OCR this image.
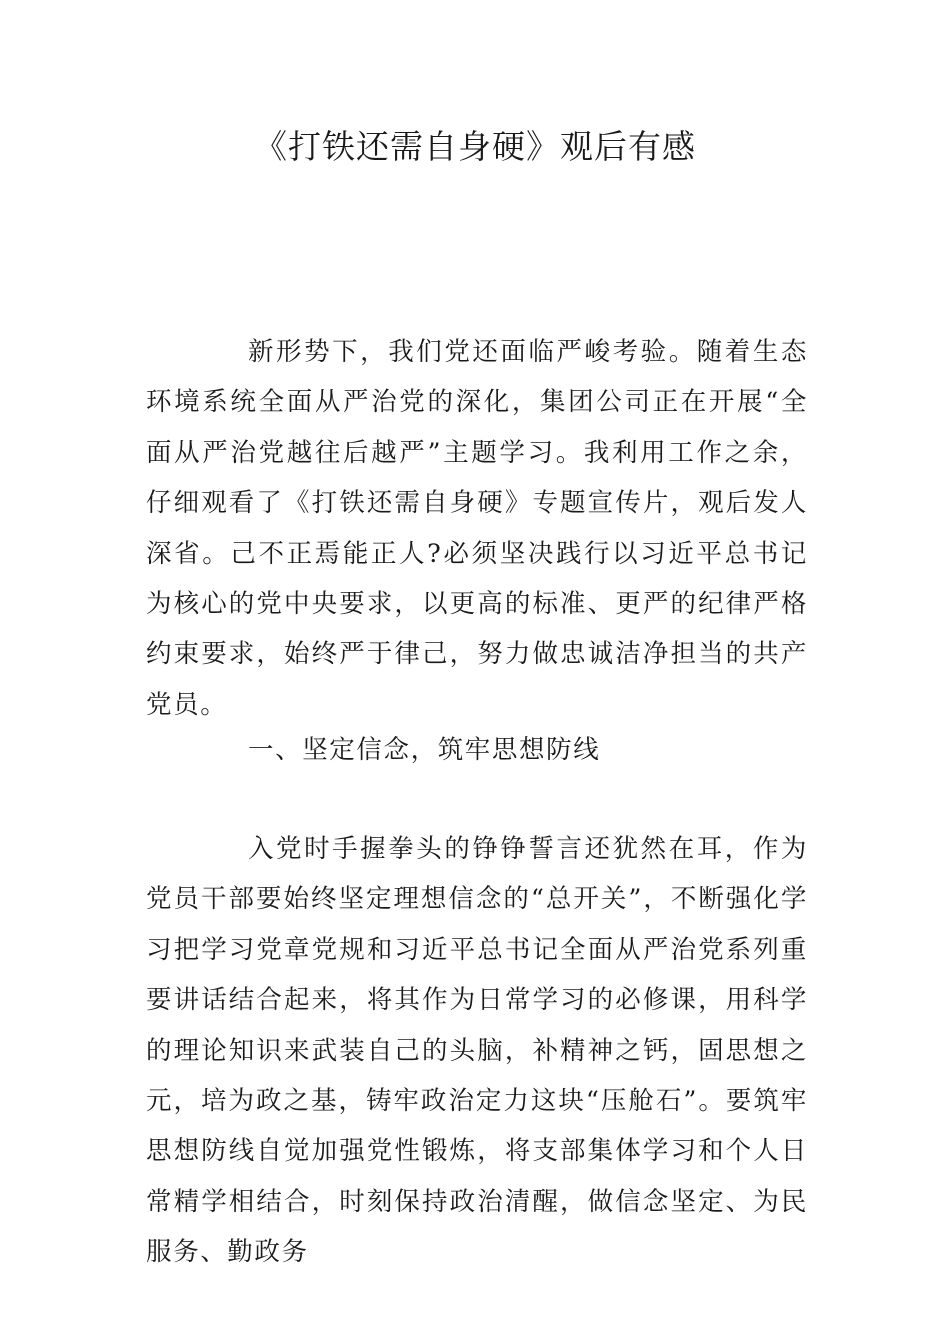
《打铁还需自身硬》观后有感

新形势下，我们党还面临严峻考验。随着生态环境系统全面从严治党的深化，集团公司正在开展“全面从严治党越往后越严”主题学习。我利用工作之余，仔细观看了《打铁还需自身硬》专题宣传片，观后发人深省。己不正焉能正人?必须坚决践行以习近平总书记为核心的党中央要求，以更高的标准、更严的纪律严格约束要求，始终严于律己，努力做忠诚洁净担当的共产党员。

一、坚定信念，筑牢思想防线

入党时手握拳头的铮铮誓言还犹然在耳，作为党员干部要始终坚定理想信念的“总开关”，不断强化学习把学习党章党规和习近平总书记全面从严治党系列重要讲话结合起来，将其作为日常学习的必修课，用科学的理论知识来武装自己的头脑，补精神之钙，固思想之元，培为政之基，铸牢政治定力这块“压舱石”。要筑牢思想防线自觉加强党性锻炼，将支部集体学习和个人日常精学相结合，时刻保持政治清醒，做信念坚定、为民服务、勤政务
